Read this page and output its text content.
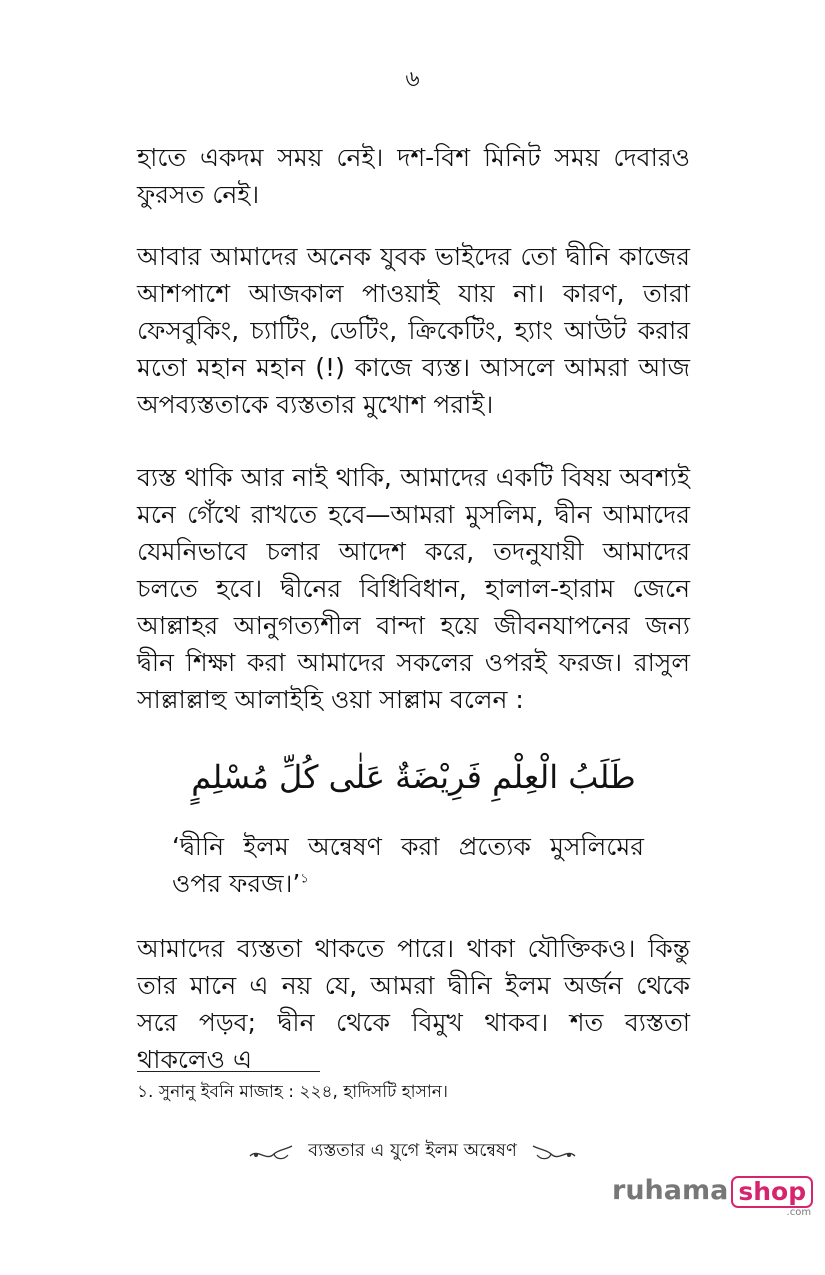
৬

হাতে একদম সময় নেই। দশ-বিশ মিনিট সময় দেবারও ফুরসত নেই।

আবার আমাদের অনেক যুবক ভাইদের তো দ্বীনি কাজের আশপাশে আজকাল পাওয়াই যায় না। কারণ, তারা ফেসবুকিং, চ্যাটিং, ডেটিং, ক্রিকেটিং, হ্যাং আউট করার মতো মহান মহান (!) কাজে ব্যস্ত। আসলে আমরা আজ অপব্যস্ততাকে ব্যস্ততার মুখোশ পরাই।

ব্যস্ত থাকি আর নাই থাকি, আমাদের একটি বিষয় অবশ্যই মনে গেঁথে রাখতে হবে—আমরা মুসলিম, দ্বীন আমাদের যেমনিভাবে চলার আদেশ করে, তদনুযায়ী আমাদের চলতে হবে। দ্বীনের বিধিবিধান, হালাল-হারাম জেনে আল্লাহর আনুগত্যশীল বান্দা হয়ে জীবনযাপনের জন্য দ্বীন শিক্ষা করা আমাদের সকলের ওপরই ফরজ। রাসুল সাল্লাল্লাহু আলাইহি ওয়া সাল্লাম বলেন :

طَلَبُ الْعِلْمِ فَرِيْضَةٌ عَلٰى كُلِّ مُسْلِمٍ

‘দ্বীনি ইলম অন্বেষণ করা প্রত্যেক মুসলিমের ওপর ফরজ।’$^১$

আমাদের ব্যস্ততা থাকতে পারে। থাকা যৌক্তিকও। কিন্তু তার মানে এ নয় যে, আমরা দ্বীনি ইলম অর্জন থেকে সরে পড়ব; দ্বীন থেকে বিমুখ থাকব। শত ব্যস্ততা থাকলেও এ

১. সুনানু ইবনি মাজাহ : ২২৪, হাদিসটি হাসান।

ব্যস্ততার এ যুগে ইলম অন্বেষণ
ruhama shop
.com
